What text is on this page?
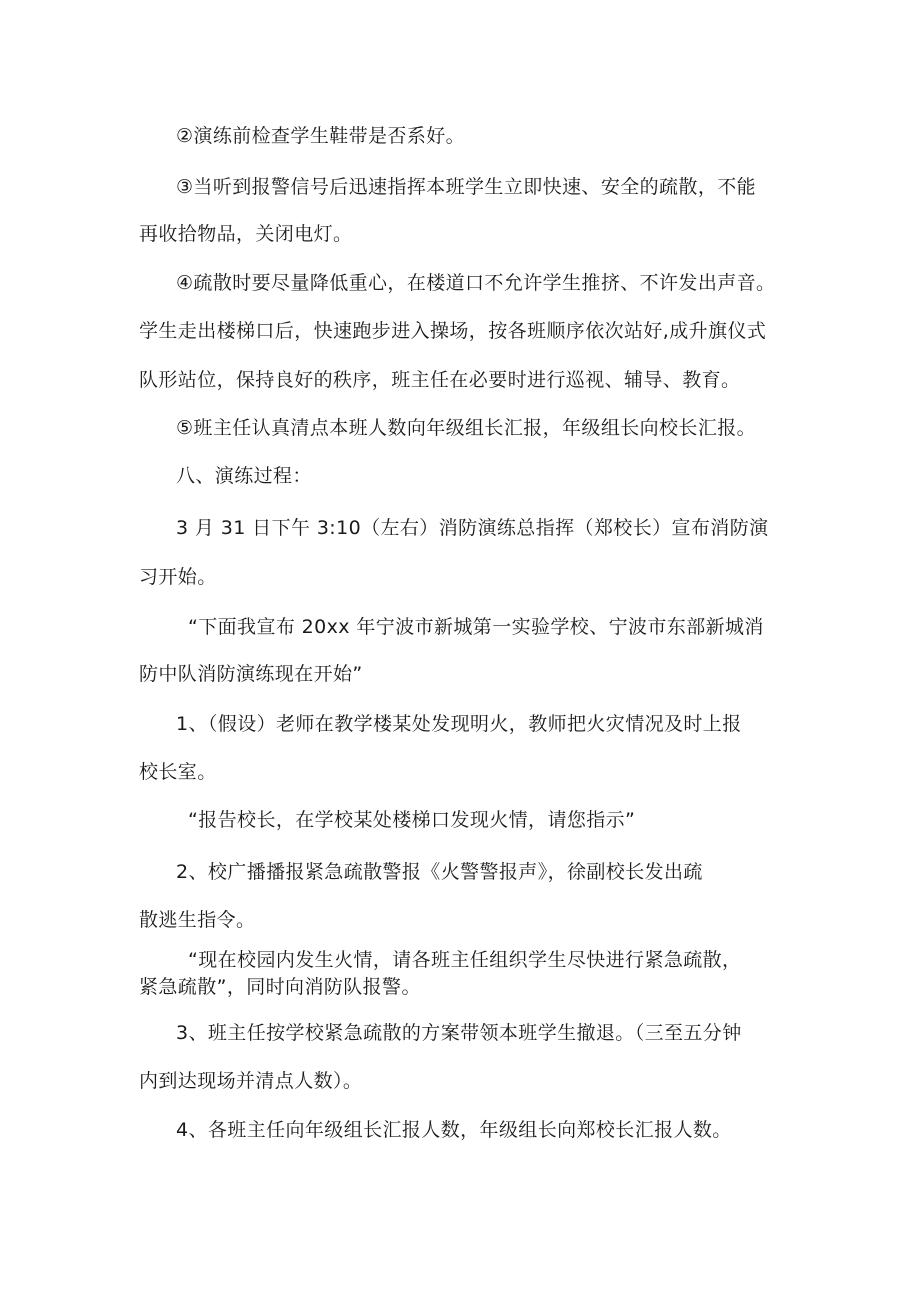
②演练前检查学生鞋带是否系好。
③当听到报警信号后迅速指挥本班学生立即快速、安全的疏散，不能
再收拾物品，关闭电灯。
④疏散时要尽量降低重心，在楼道口不允许学生推挤、不许发出声音。
学生走出楼梯口后，快速跑步进入操场，按各班顺序依次站好,成升旗仪式
队形站位，保持良好的秩序，班主任在必要时进行巡视、辅导、教育。
⑤班主任认真清点本班人数向年级组长汇报，年级组长向校长汇报。
八、演练过程：
3 月 31 日下午 3:10（左右）消防演练总指挥（郑校长）宣布消防演
习开始。
“下面我宣布 20xx 年宁波市新城第一实验学校、宁波市东部新城消
防中队消防演练现在开始”
1、（假设）老师在教学楼某处发现明火，教师把火灾情况及时上报
校长室。
“报告校长，在学校某处楼梯口发现火情，请您指示”
2、校广播播报紧急疏散警报《火警警报声》，徐副校长发出疏
散逃生指令。
“现在校园内发生火情，请各班主任组织学生尽快进行紧急疏散，
紧急疏散”，同时向消防队报警。
3、班主任按学校紧急疏散的方案带领本班学生撤退。（三至五分钟
内到达现场并清点人数）。
4、各班主任向年级组长汇报人数，年级组长向郑校长汇报人数。
